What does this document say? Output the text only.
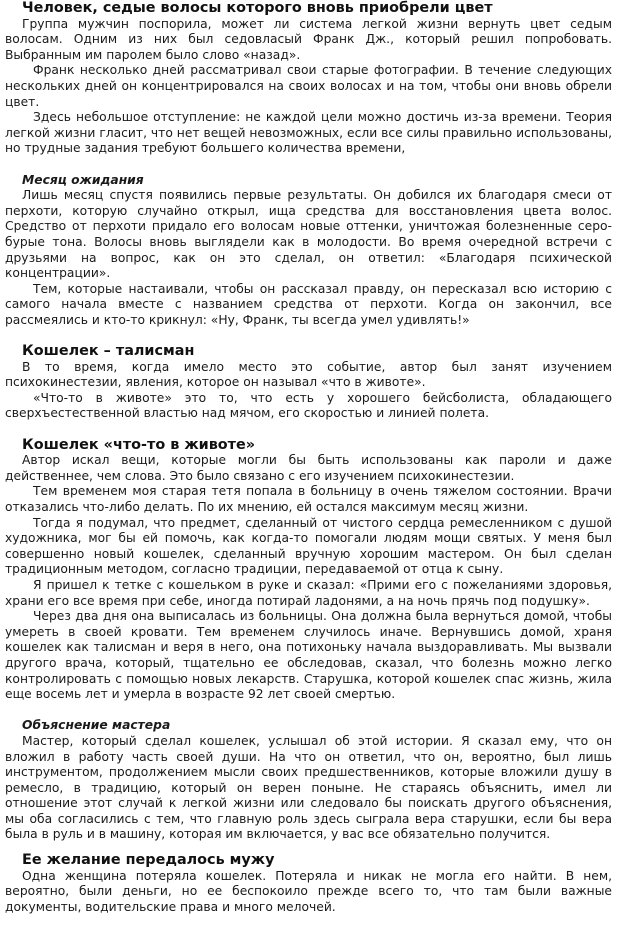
Человек, седые волосы которого вновь приобрели цвет

Группа мужчин поспорила, может ли система легкой жизни вернуть цвет седым волосам. Одним из них был седовласый Франк Дж., который решил попробовать. Выбранным им паролем было слово «назад».

Франк несколько дней рассматривал свои старые фотографии. В течение следующих нескольких дней он концентрировался на своих волосах и на том, чтобы они вновь обрели цвет.

Здесь небольшое отступление: не каждой цели можно достичь из-за времени. Теория легкой жизни гласит, что нет вещей невозможных, если все силы правильно использованы, но трудные задания требуют большего количества времени,

Месяц ожидания

Лишь месяц спустя появились первые результаты. Он добился их благодаря смеси от перхоти, которую случайно открыл, ища средства для восстановления цвета волос. Средство от перхоти придало его волосам новые оттенки, уничтожая болезненные серо-бурые тона. Волосы вновь выглядели как в молодости. Во время очередной встречи с друзьями на вопрос, как он это сделал, он ответил: «Благодаря психической концентрации».

Тем, которые настаивали, чтобы он рассказал правду, он пересказал всю историю с самого начала вместе с названием средства от перхоти. Когда он закончил, все рассмеялись и кто-то крикнул: «Ну, Франк, ты всегда умел удивлять!»

Кошелек – талисман

В то время, когда имело место это событие, автор был занят изучением психокинестезии, явления, которое он называл «что в животе».

«Что-то в животе» это то, что есть у хорошего бейсболиста, обладающего сверхъестественной властью над мячом, его скоростью и линией полета.

Кошелек «что-то в животе»

Автор искал вещи, которые могли бы быть использованы как пароли и даже действеннее, чем слова. Это было связано с его изучением психокинестезии.

Тем временем моя старая тетя попала в больницу в очень тяжелом состоянии. Врачи отказались что-либо делать. По их мнению, ей остался максимум месяц жизни.

Тогда я подумал, что предмет, сделанный от чистого сердца ремесленником с душой художника, мог бы ей помочь, как когда-то помогали людям мощи святых. У меня был совершенно новый кошелек, сделанный вручную хорошим мастером. Он был сделан традиционным методом, согласно традиции, передаваемой от отца к сыну.

Я пришел к тетке с кошельком в руке и сказал: «Прими его с пожеланиями здоровья, храни его все время при себе, иногда потирай ладонями, а на ночь прячь под подушку».

Через два дня она выписалась из больницы. Она должна была вернуться домой, чтобы умереть в своей кровати. Тем временем случилось иначе. Вернувшись домой, храня кошелек как талисман и веря в него, она потихоньку начала выздоравливать. Мы вызвали другого врача, который, тщательно ее обследовав, сказал, что болезнь можно легко контролировать с помощью новых лекарств. Старушка, которой кошелек спас жизнь, жила еще восемь лет и умерла в возрасте 92 лет своей смертью.

Объяснение мастера

Мастер, который сделал кошелек, услышал об этой истории. Я сказал ему, что он вложил в работу часть своей души. На что он ответил, что он, вероятно, был лишь инструментом, продолжением мысли своих предшественников, которые вложили душу в ремесло, в традицию, который он верен поныне. Не стараясь объяснить, имел ли отношение этот случай к легкой жизни или следовало бы поискать другого объяснения, мы оба согласились с тем, что главную роль здесь сыграла вера старушки, если бы вера была в руль и в машину, которая им включается, у вас все обязательно получится.

Ее желание передалось мужу

Одна женщина потеряла кошелек. Потеряла и никак не могла его найти. В нем, вероятно, были деньги, но ее беспокоило прежде всего то, что там были важные документы, водительские права и много мелочей.
